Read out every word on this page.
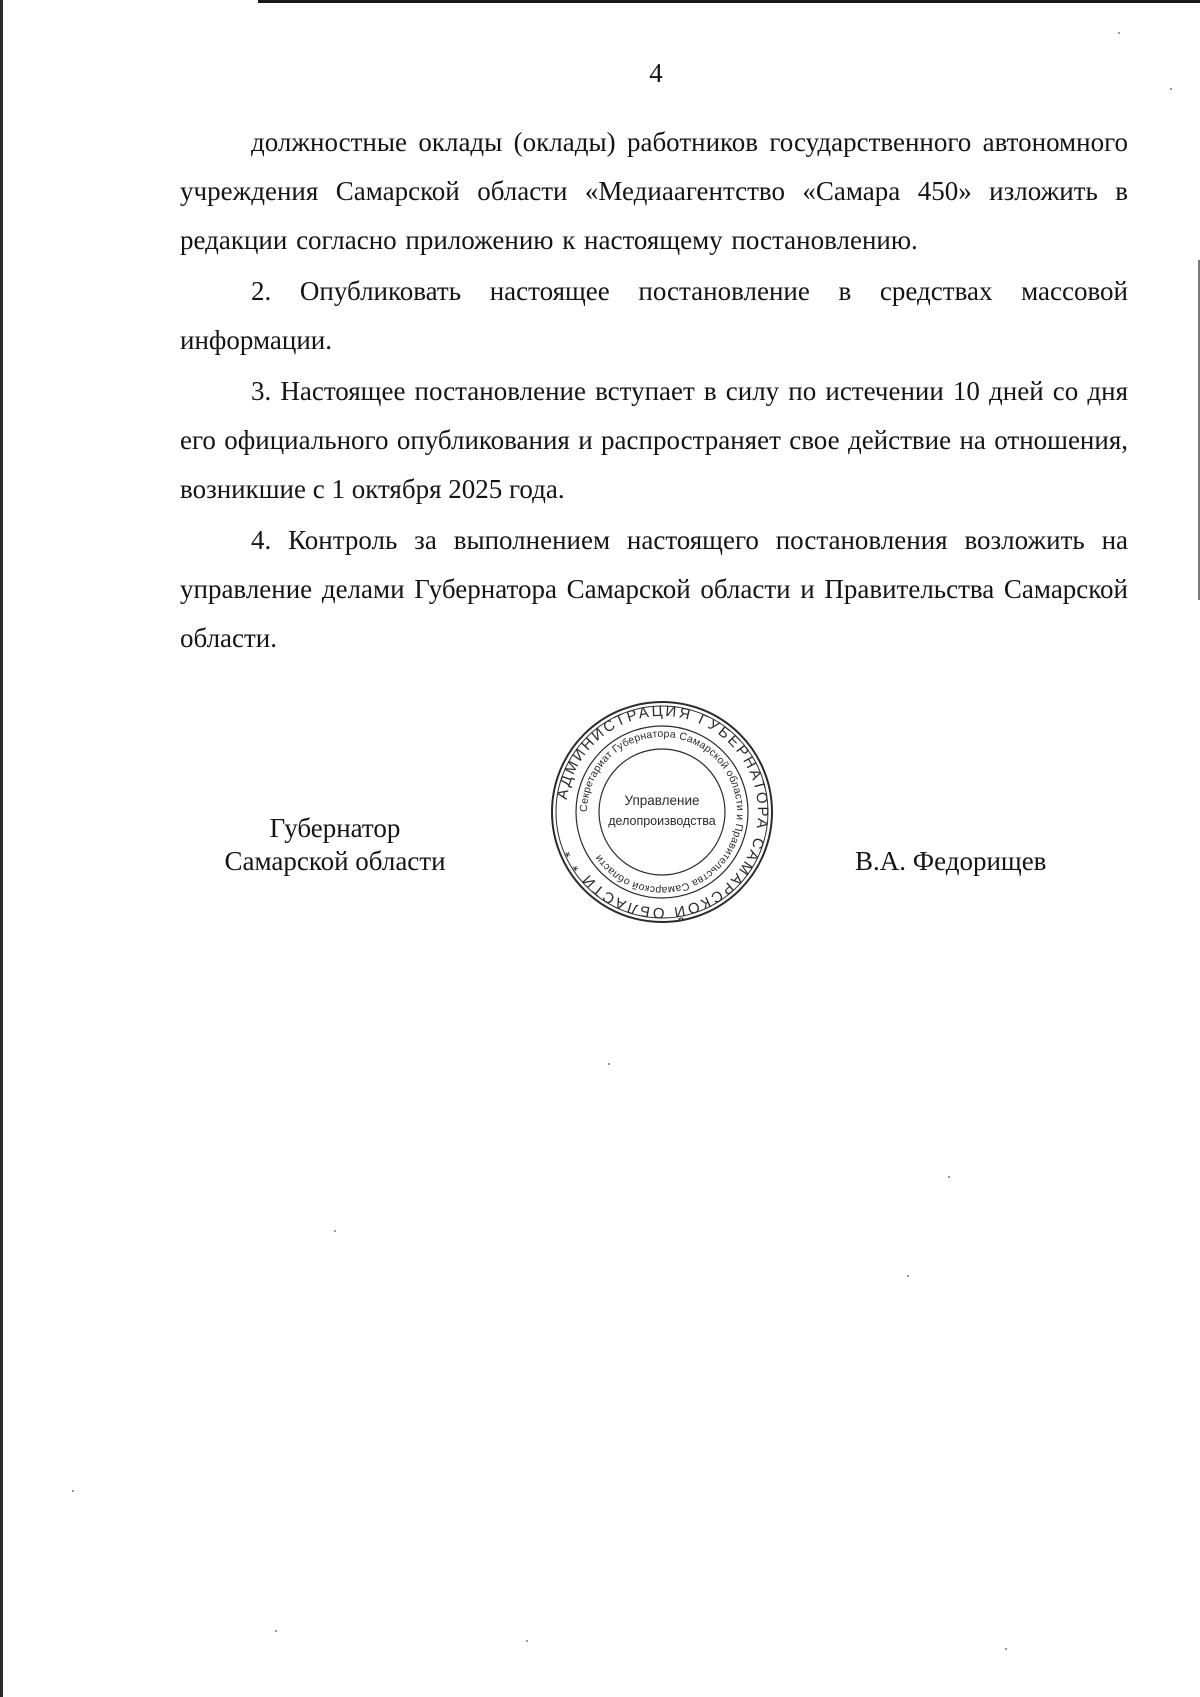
4

должностные оклады (оклады) работников государственного автономного учреждения Самарской области «Медиаагентство «Самара 450» изложить в редакции согласно приложению к настоящему постановлению.

2. Опубликовать настоящее постановление в средствах массовой информации.

3. Настоящее постановление вступает в силу по истечении 10 дней со дня его официального опубликования и распространяет свое действие на отношения, возникшие с 1 октября 2025 года.

4. Контроль за выполнением настоящего постановления возложить на управление делами Губернатора Самарской области и Правительства Самарской области.

Губернатор
Самарской области
АДМИНИСТРАЦИЯ ГУБЕРНАТОРА САМАРСКОЙ ОБЛАСТИ * *
Секретариат Губернатора Самарской области и Правительства Самарской области
Управление
делопроизводства
В.А. Федорищев
